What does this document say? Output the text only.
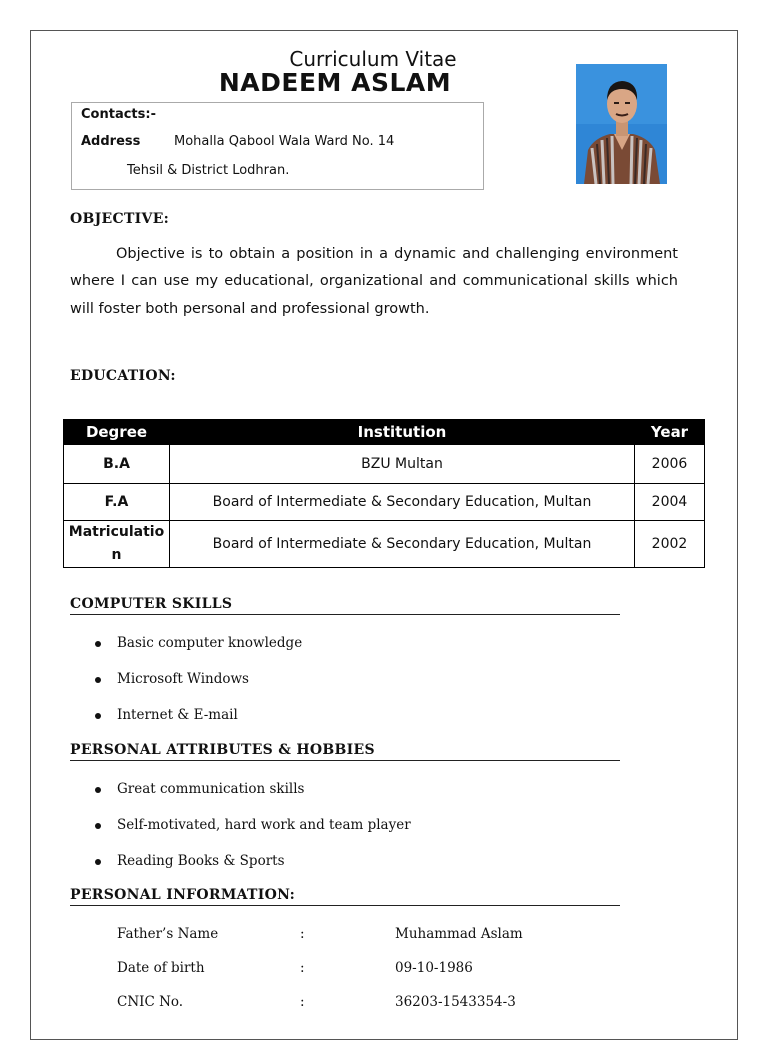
Curriculum Vitae
NADEEM ASLAM
Contacts:-
Address	Mohalla Qabool Wala Ward No. 14
Tehsil & District Lodhran.
OBJECTIVE:
Objective is to obtain a position in a dynamic and challenging environment where I can use my educational, organizational and communicational skills which will foster both personal and professional growth.
EDUCATION:
Degree	Institution	Year
B.A	BZU Multan	2006
F.A	Board of Intermediate & Secondary Education, Multan	2004
Matriculation	Board of Intermediate & Secondary Education, Multan	2002
COMPUTER SKILLS
Basic computer knowledge
Microsoft Windows
Internet & E-mail
PERSONAL ATTRIBUTES & HOBBIES
Great communication skills
Self-motivated, hard work and team player
Reading Books & Sports
PERSONAL INFORMATION:
Father’s Name	:	Muhammad Aslam
Date of birth	:	09-10-1986
CNIC No.	:	36203-1543354-3
